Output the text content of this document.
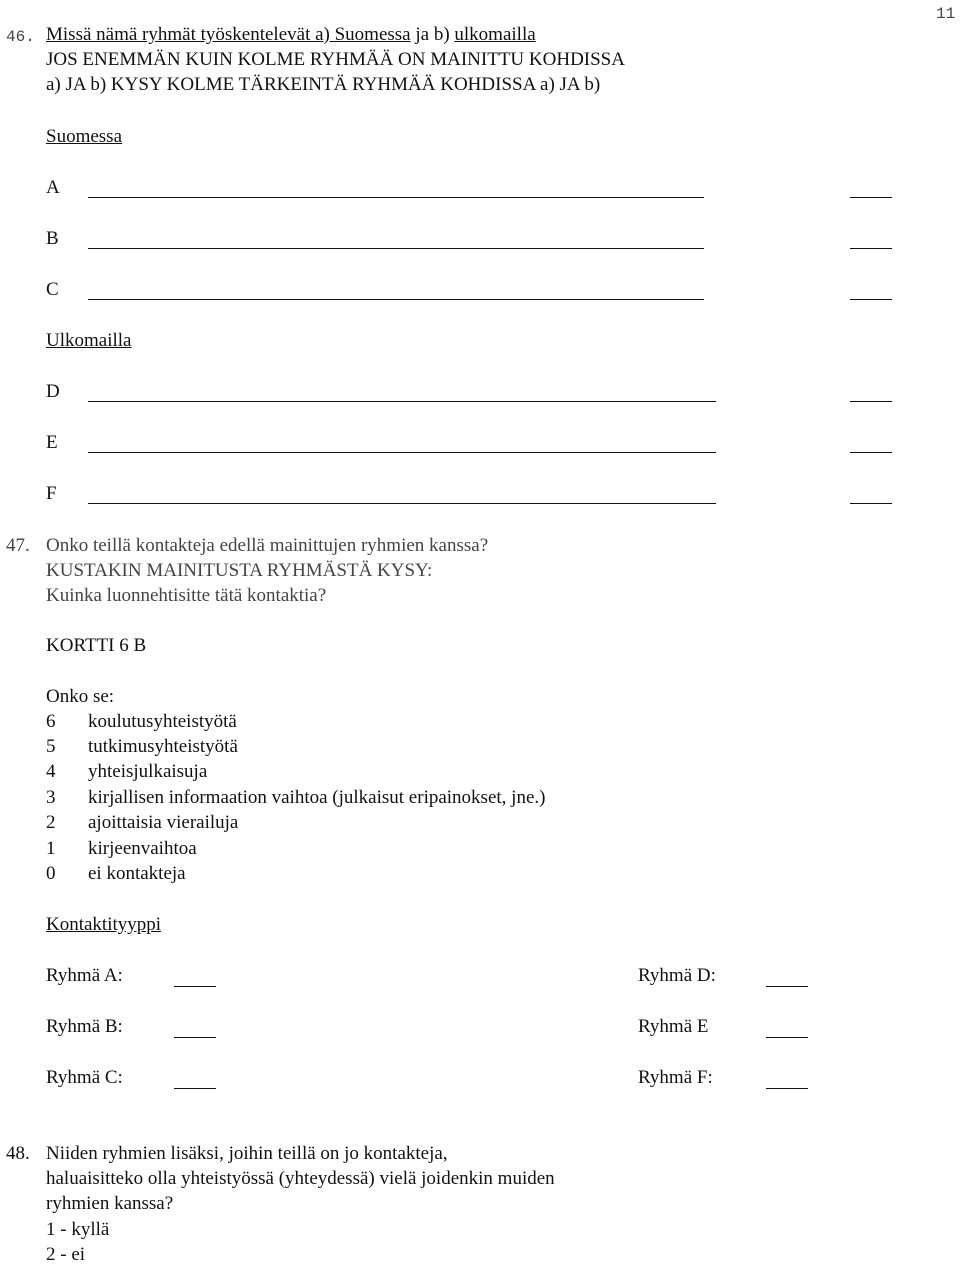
11
46. Missä nämä ryhmät työskentelevät a) Suomessa ja b) ulkomailla
JOS ENEMMÄN KUIN KOLME RYHMÄÄ ON MAINITTU KOHDISSA
a) JA b) KYSY KOLME TÄRKEINTÄ RYHMÄÄ KOHDISSA a) JA b)
Suomessa
A
B
C
Ulkomailla
D
E
F
47. Onko teillä kontakteja edellä mainittujen ryhmien kanssa?
KUSTAKIN MAINITUSTA RYHMÄSTÄ KYSY:
Kuinka luonnehtisitte tätä kontaktia?
KORTTI 6 B
Onko se:
6 koulutusyhteistyötä
5 tutkimusyhteistyötä
4 yhteisjulkaisuja
3 kirjallisen informaation vaihtoa (julkaisut eripainokset, jne.)
2 ajoittaisia vierailuja
1 kirjeenvaihtoa
0 ei kontakteja
Kontaktityyppi
Ryhmä A:	Ryhmä D:
Ryhmä B:	Ryhmä E
Ryhmä C:	Ryhmä F:
48. Niiden ryhmien lisäksi, joihin teillä on jo kontakteja,
haluaisitteko olla yhteistyössä (yhteydessä) vielä joidenkin muiden
ryhmien kanssa?
1 - kyllä
2 - ei
